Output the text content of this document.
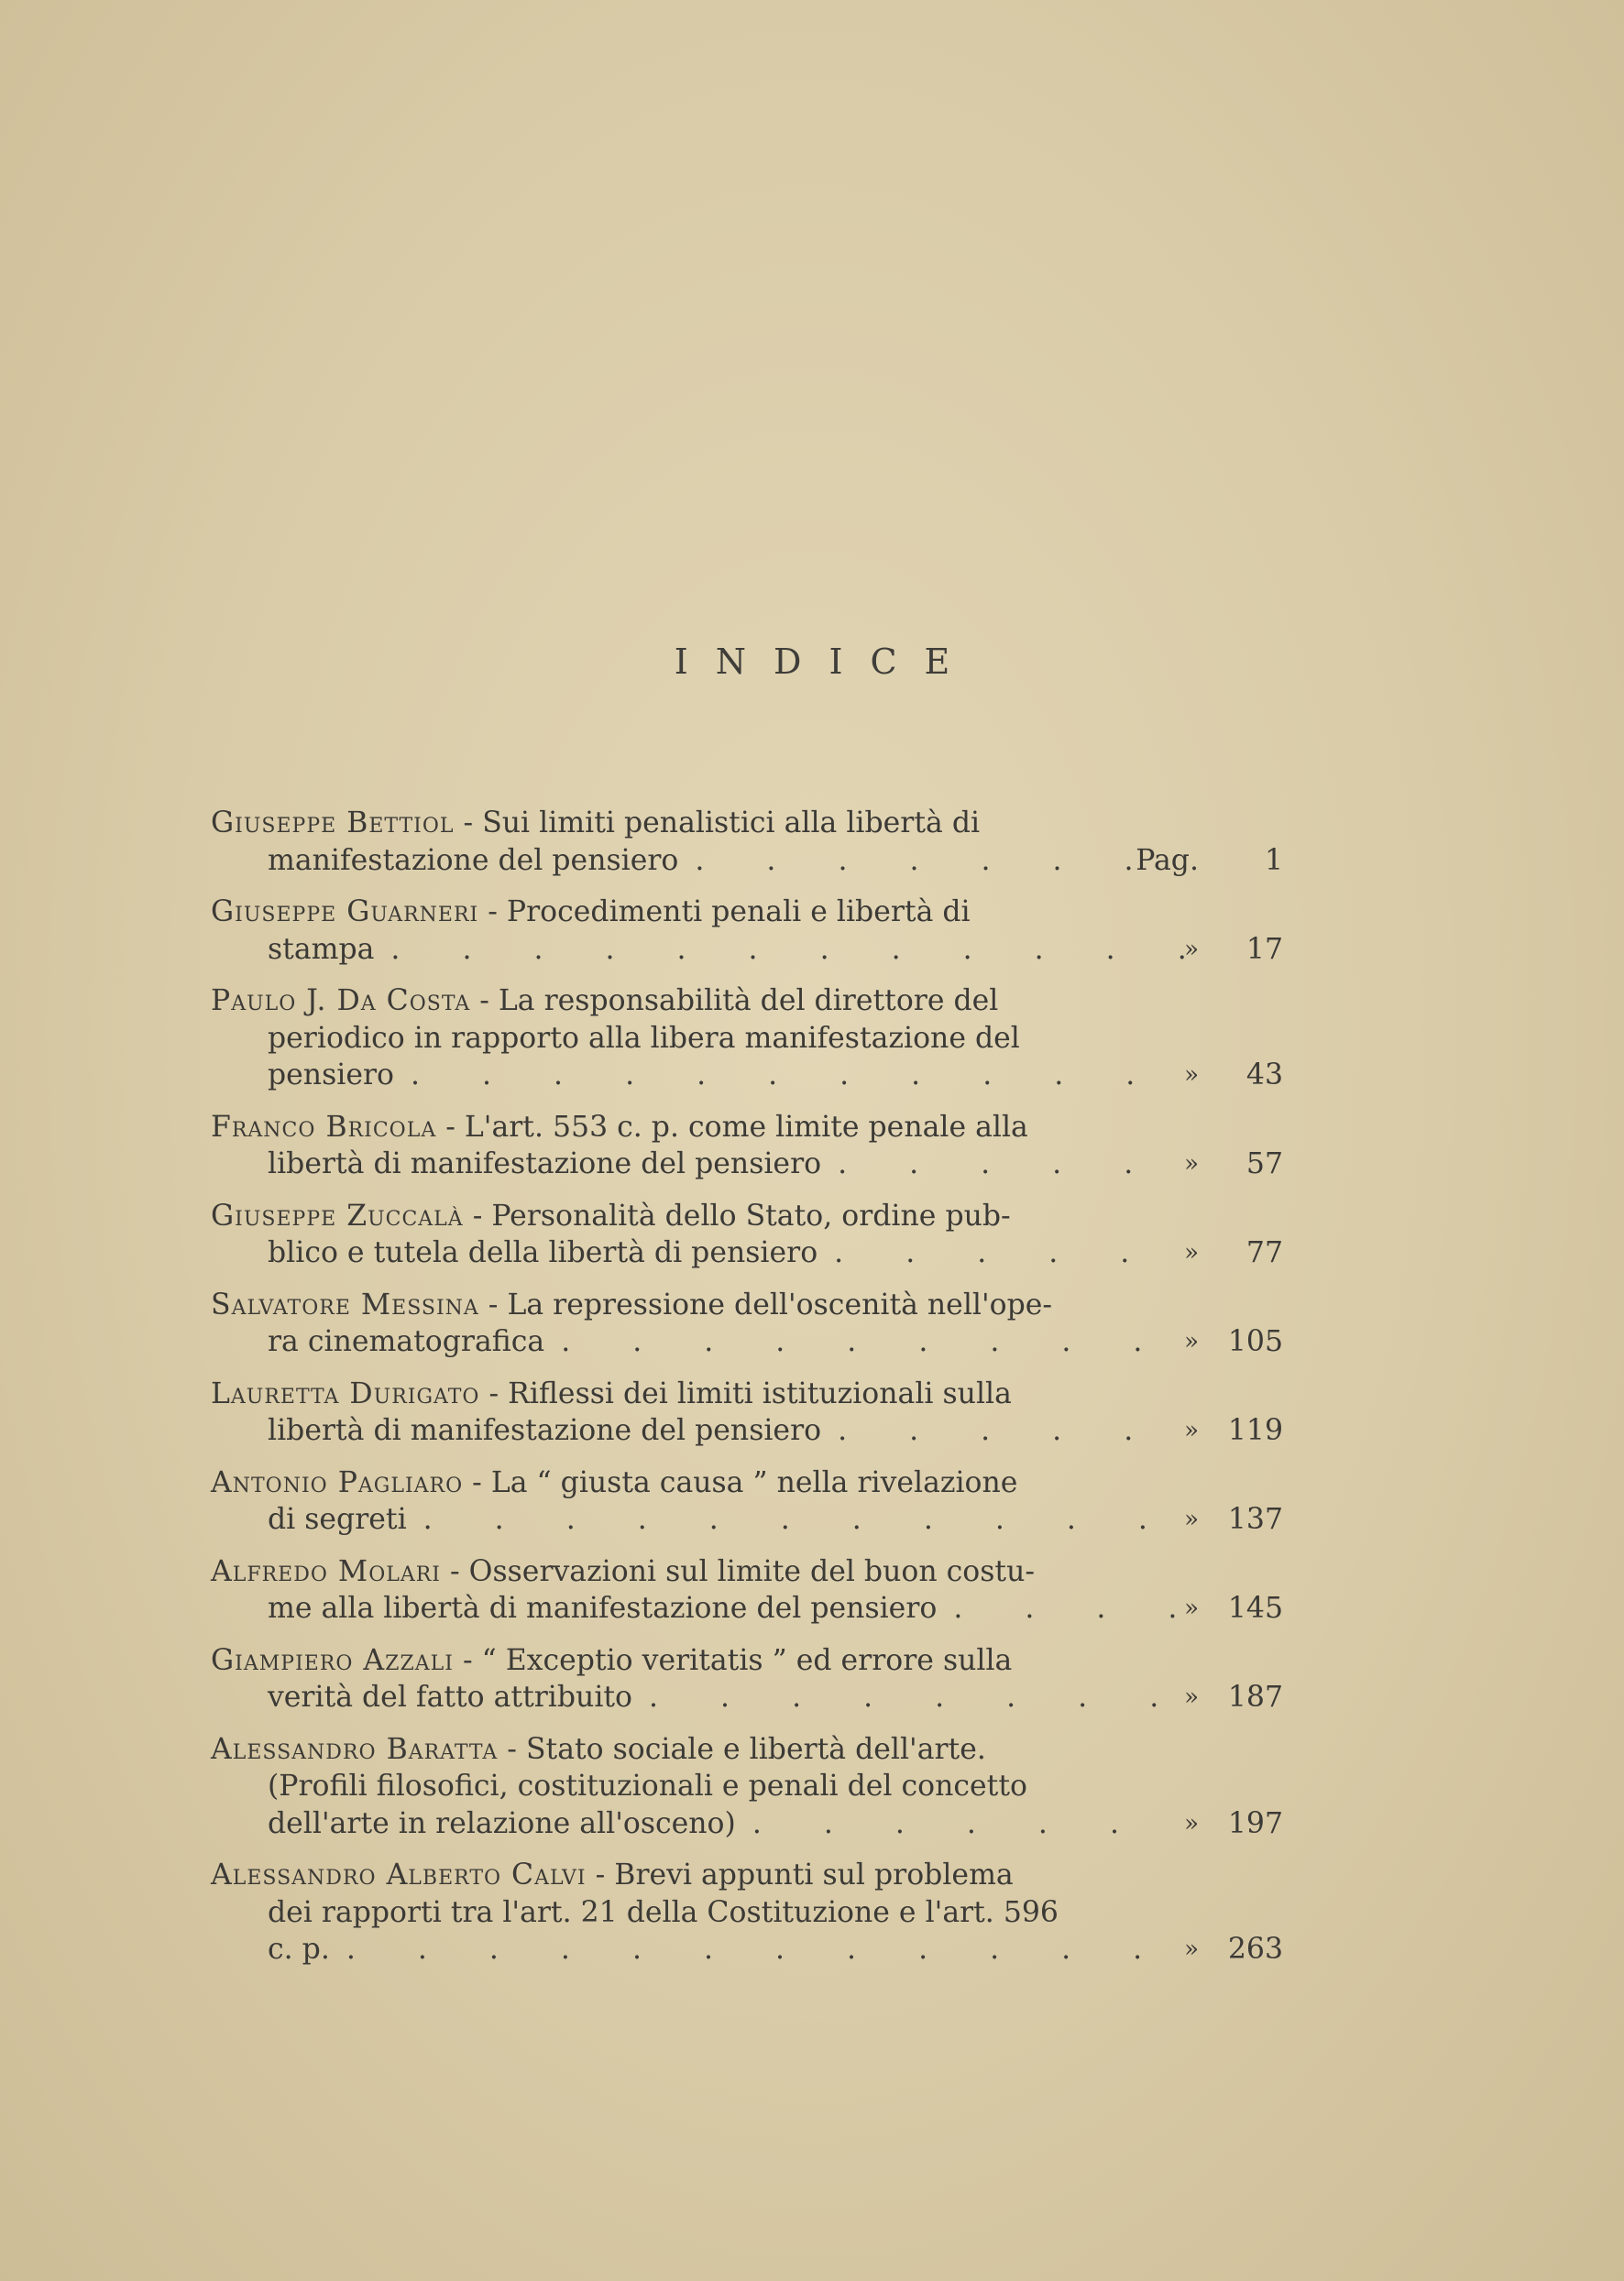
INDICE
Giuseppe Bettiol - Sui limiti penalistici alla libertà di
manifestazione del pensiero . . .	Pag.	1
Giuseppe Guarneri - Procedimenti penali e libertà di
stampa . . .	»	17
Paulo J. Da Costa - La responsabilità del direttore del
periodico in rapporto alla libera manifestazione del
pensiero . . .	»	43
Franco Bricola - L'art. 553 c. p. come limite penale alla
libertà di manifestazione del pensiero . . .	»	57
Giuseppe Zuccalà - Personalità dello Stato, ordine pub-
blico e tutela della libertà di pensiero . . .	»	77
Salvatore Messina - La repressione dell'oscenità nell'ope-
ra cinematografica . . .	»	105
Lauretta Durigato - Riflessi dei limiti istituzionali sulla
libertà di manifestazione del pensiero . . .	»	119
Antonio Pagliaro - La “ giusta causa ” nella rivelazione
di segreti . . .	»	137
Alfredo Molari - Osservazioni sul limite del buon costu-
me alla libertà di manifestazione del pensiero . . .	»	145
Giampiero Azzali - “ Exceptio veritatis ” ed errore sulla
verità del fatto attribuito . . .	»	187
Alessandro Baratta - Stato sociale e libertà dell'arte.
(Profili filosofici, costituzionali e penali del concetto
dell'arte in relazione all'osceno) . . .	»	197
Alessandro Alberto Calvi - Brevi appunti sul problema
dei rapporti tra l'art. 21 della Costituzione e l'art. 596
c. p. . . .	»	263
